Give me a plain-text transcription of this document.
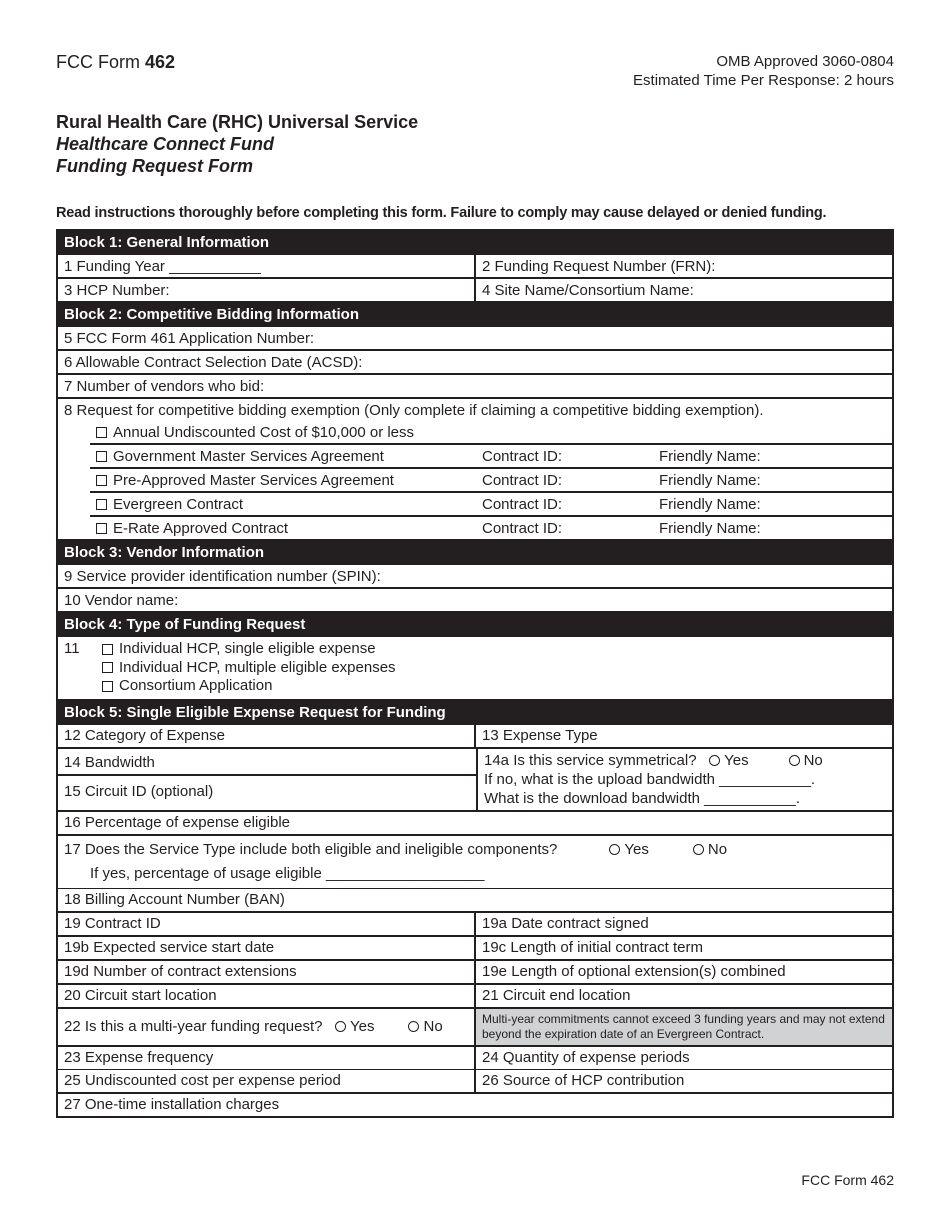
FCC Form 462	OMB Approved 3060-0804
Estimated Time Per Response: 2 hours
Rural Health Care (RHC) Universal Service
Healthcare Connect Fund
Funding Request Form
Read instructions thoroughly before completing this form. Failure to comply may cause delayed or denied funding.
Block 1: General Information
1 Funding Year ___________	2 Funding Request Number (FRN):
3 HCP Number:	4 Site Name/Consortium Name:
Block 2: Competitive Bidding Information
5 FCC Form 461 Application Number:
6 Allowable Contract Selection Date (ACSD):
7 Number of vendors who bid:
8 Request for competitive bidding exemption (Only complete if claiming a competitive bidding exemption).
Annual Undiscounted Cost of $10,000 or less
Government Master Services Agreement	Contract ID:	Friendly Name:
Pre-Approved Master Services Agreement	Contract ID:	Friendly Name:
Evergreen Contract	Contract ID:	Friendly Name:
E-Rate Approved Contract	Contract ID:	Friendly Name:
Block 3: Vendor Information
9 Service provider identification number (SPIN):
10 Vendor name:
Block 4: Type of Funding Request
11	Individual HCP, single eligible expense
Individual HCP, multiple eligible expenses
Consortium Application
Block 5: Single Eligible Expense Request for Funding
12 Category of Expense	13 Expense Type
14 Bandwidth
15 Circuit ID (optional)
14a Is this service symmetrical? Yes	No
If no, what is the upload bandwidth ___________.
What is the download bandwidth ___________.
16 Percentage of expense eligible
17 Does the Service Type include both eligible and ineligible components?	Yes	No
If yes, percentage of usage eligible ___________________
18 Billing Account Number (BAN)
19 Contract ID	19a Date contract signed
19b Expected service start date	19c Length of initial contract term
19d Number of contract extensions	19e Length of optional extension(s) combined
20 Circuit start location	21 Circuit end location
22 Is this a multi-year funding request?
Yes	No	Multi-year commitments cannot exceed 3 funding years and may not extend beyond the expiration date of an Evergreen Contract.
23 Expense frequency	24 Quantity of expense periods
25 Undiscounted cost per expense period	26 Source of HCP contribution
27 One-time installation charges
FCC Form 462
